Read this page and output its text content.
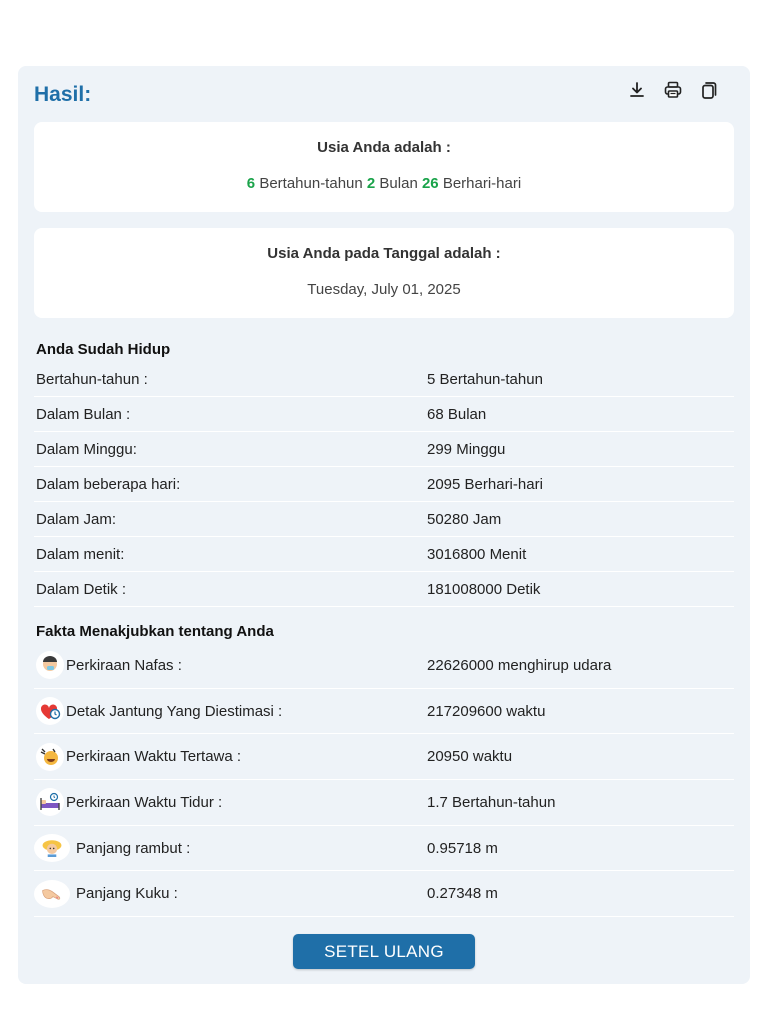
Hasil:
Usia Anda adalah :
6 Bertahun-tahun 2 Bulan 26 Berhari-hari
Usia Anda pada Tanggal adalah :
Tuesday, July 01, 2025
Anda Sudah Hidup
Bertahun-tahun :	5 Bertahun-tahun
Dalam Bulan :	68 Bulan
Dalam Minggu:	299 Minggu
Dalam beberapa hari:	2095 Berhari-hari
Dalam Jam:	50280 Jam
Dalam menit:	3016800 Menit
Dalam Detik :	181008000 Detik
Fakta Menakjubkan tentang Anda
Perkiraan Nafas :	22626000 menghirup udara
Detak Jantung Yang Diestimasi :	217209600 waktu
Perkiraan Waktu Tertawa :	20950 waktu
Perkiraan Waktu Tidur :	1.7 Bertahun-tahun
Panjang rambut :	0.95718 m
Panjang Kuku :	0.27348 m
SETEL ULANG
